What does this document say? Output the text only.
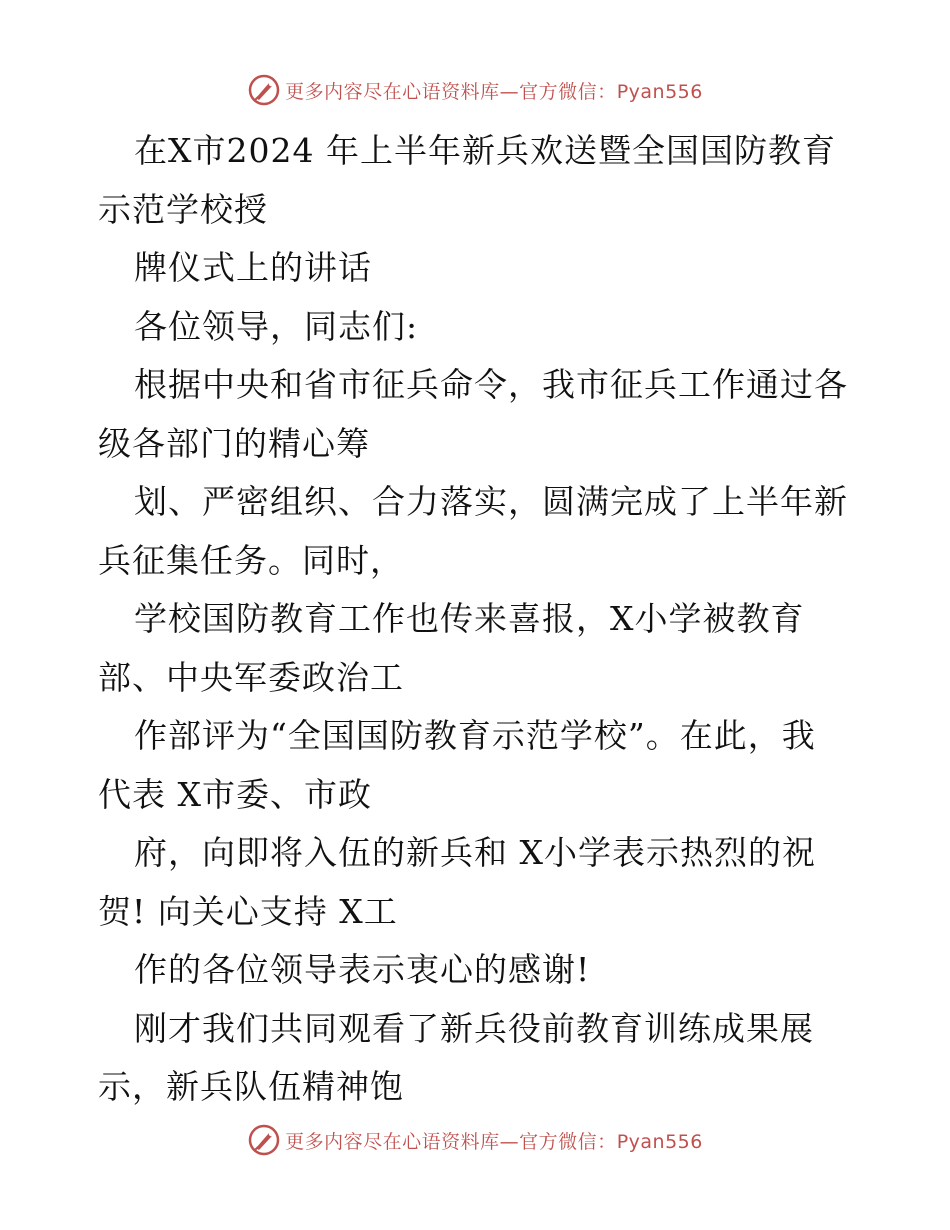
更多内容尽在心语资料库—官方微信：Pyan556
在X市2024 年上半年新兵欢送暨全国国防教育
示范学校授
牌仪式上的讲话
各位领导，同志们:
根据中央和省市征兵命令，我市征兵工作通过各
级各部门的精心筹
划、严密组织、合力落实，圆满完成了上半年新
兵征集任务。同时，
学校国防教育工作也传来喜报，X小学被教育
部、中央军委政治工
作部评为“全国国防教育示范学校”。在此，我
代表 X市委、市政
府，向即将入伍的新兵和 X小学表示热烈的祝
贺! 向关心支持 X工
作的各位领导表示衷心的感谢!
刚才我们共同观看了新兵役前教育训练成果展
示，新兵队伍精神饱
更多内容尽在心语资料库—官方微信：Pyan556
